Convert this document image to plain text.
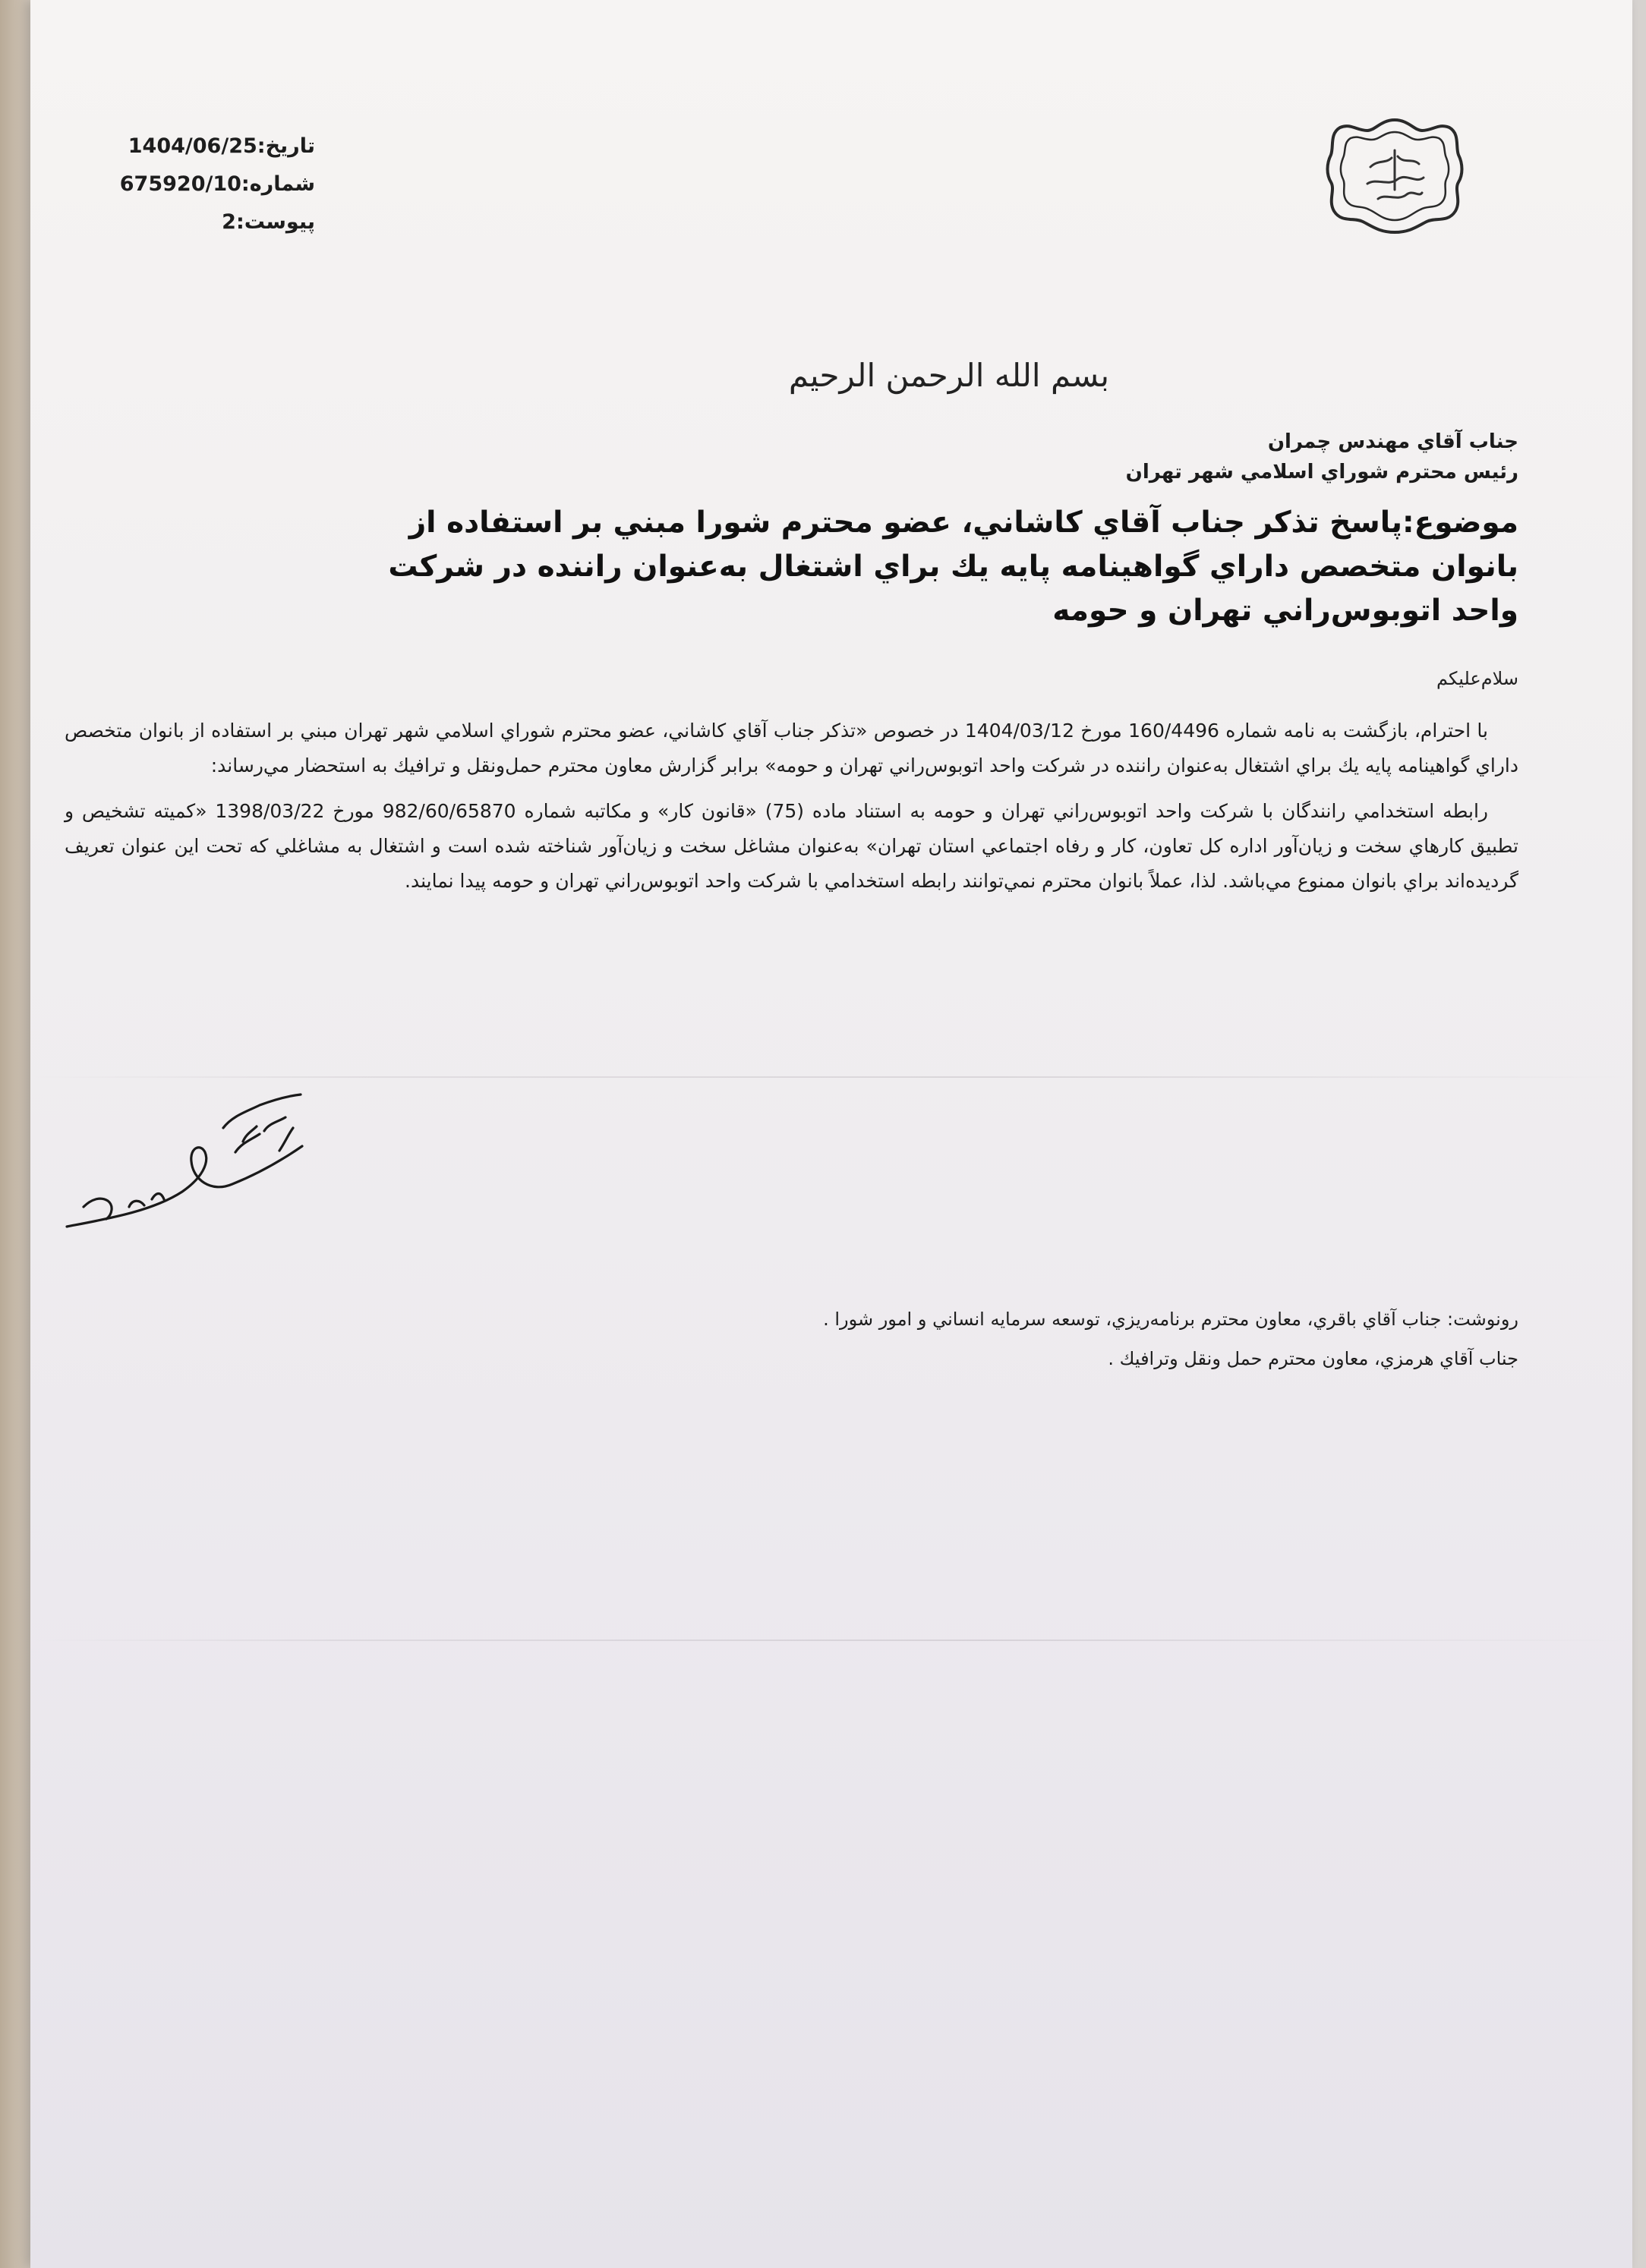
تاريخ:1404/06/25
شماره:675920/10
پيوست:2
بسم الله الرحمن الرحيم
جناب آقاي مهندس چمران
رئيس محترم شوراي اسلامي شهر تهران
موضوع:پاسخ تذكر جناب آقاي كاشاني، عضو محترم شورا مبني بر استفاده از بانوان متخصص داراي گواهينامه پايه يك براي اشتغال به‌عنوان راننده در شركت واحد اتوبوس‌راني تهران و حومه
سلام‌عليكم

با احترام، بازگشت به نامه شماره 160/4496 مورخ 1404/03/12 در خصوص «تذكر جناب آقاي كاشاني، عضو محترم شوراي اسلامي شهر تهران مبني بر استفاده از بانوان متخصص داراي گواهينامه پايه يك براي اشتغال به‌عنوان راننده در شركت واحد اتوبوس‌راني تهران و حومه» برابر گزارش معاون محترم حمل‌ونقل و ترافيك به استحضار مي‌رساند:

رابطه استخدامي رانندگان با شركت واحد اتوبوس‌راني تهران و حومه به استناد ماده (75) «قانون كار» و مكاتبه شماره 982/60/65870 مورخ 1398/03/22 «كميته تشخيص و تطبيق كارهاي سخت و زيان‌آور اداره كل تعاون، كار و رفاه اجتماعي استان تهران» به‌عنوان مشاغل سخت و زيان‌آور شناخته شده است و اشتغال به مشاغلي كه تحت اين عنوان تعريف گرديده‌اند براي بانوان ممنوع مي‌باشد. لذا، عملاً بانوان محترم نمي‌توانند رابطه استخدامي با شركت واحد اتوبوس‌راني تهران و حومه پيدا نمايند.

رونوشت: جناب آقاي باقري، معاون محترم برنامه‌ريزي، توسعه سرمايه انساني و امور شورا .
جناب آقاي هرمزي، معاون محترم حمل ونقل وترافيك .
